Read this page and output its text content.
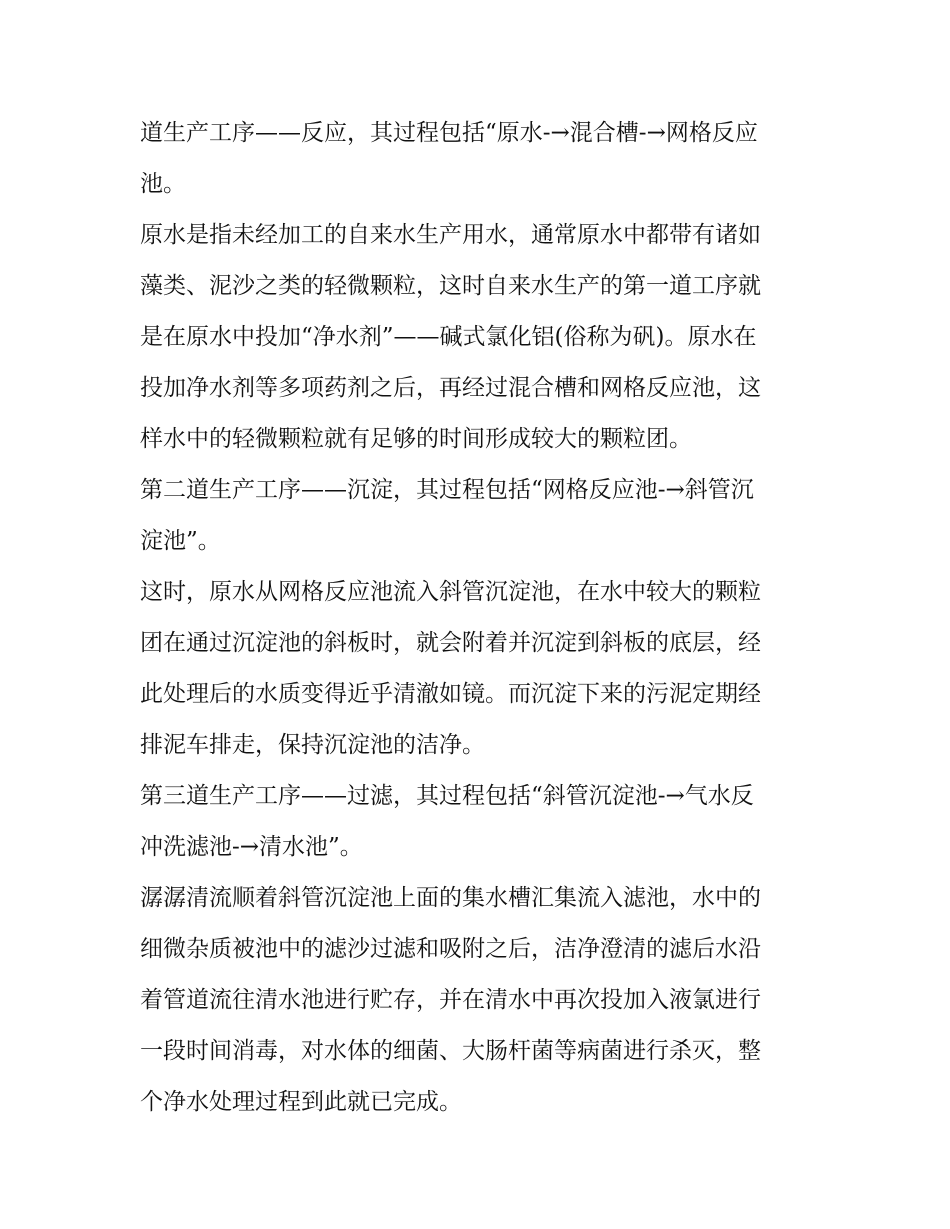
道生产工序——反应，其过程包括“原水-→混合槽-→网格反应
池。
原水是指未经加工的自来水生产用水，通常原水中都带有诸如
藻类、泥沙之类的轻微颗粒，这时自来水生产的第一道工序就
是在原水中投加“净水剂”——碱式氯化铝(俗称为矾)。原水在
投加净水剂等多项药剂之后，再经过混合槽和网格反应池，这
样水中的轻微颗粒就有足够的时间形成较大的颗粒团。
第二道生产工序——沉淀，其过程包括“网格反应池-→斜管沉
淀池”。
这时，原水从网格反应池流入斜管沉淀池，在水中较大的颗粒
团在通过沉淀池的斜板时，就会附着并沉淀到斜板的底层，经
此处理后的水质变得近乎清澈如镜。而沉淀下来的污泥定期经
排泥车排走，保持沉淀池的洁净。
第三道生产工序——过滤，其过程包括“斜管沉淀池-→气水反
冲洗滤池-→清水池”。
潺潺清流顺着斜管沉淀池上面的集水槽汇集流入滤池，水中的
细微杂质被池中的滤沙过滤和吸附之后，洁净澄清的滤后水沿
着管道流往清水池进行贮存，并在清水中再次投加入液氯进行
一段时间消毒，对水体的细菌、大肠杆菌等病菌进行杀灭，整
个净水处理过程到此就已完成。
